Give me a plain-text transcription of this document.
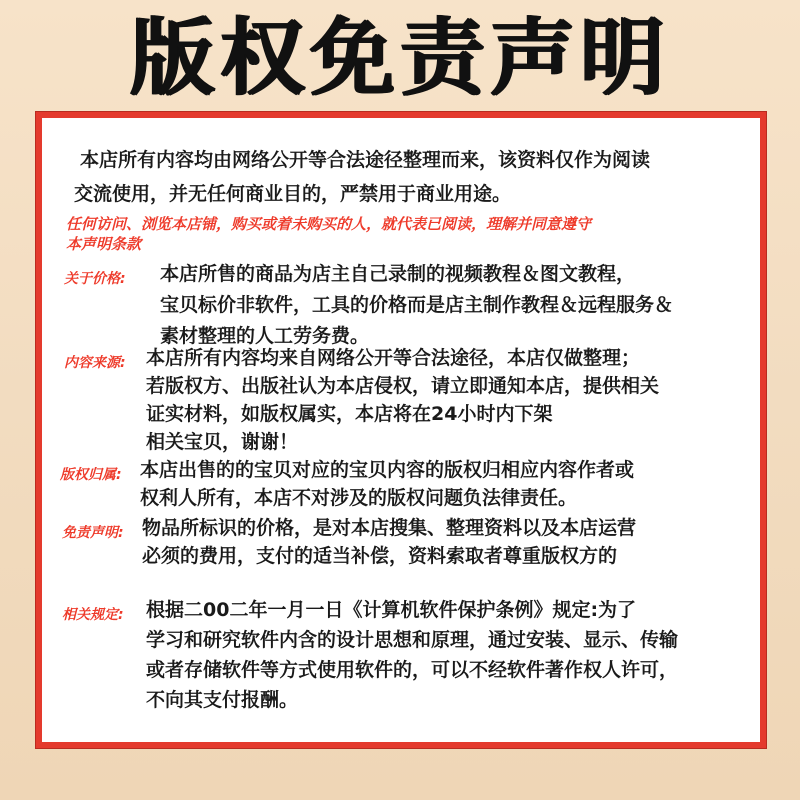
版权免责声明
本店所有内容均由网络公开等合法途径整理而来，该资料仅作为阅读
交流使用，并无任何商业目的，严禁用于商业用途。
任何访问、浏览本店铺，购买或着未购买的人，就代表已阅读，理解并同意遵守
本声明条款
关于价格: 本店所售的商品为店主自己录制的视频教程＆图文教程，
宝贝标价非软件，工具的价格而是店主制作教程＆远程服务＆
素材整理的人工劳务费。
内容来源: 本店所有内容均来自网络公开等合法途径，本店仅做整理；
若版权方、出版社认为本店侵权，请立即通知本店，提供相关
证实材料，如版权属实，本店将在24小时内下架
相关宝贝，谢谢！
版权归属: 本店出售的的宝贝对应的宝贝内容的版权归相应内容作者或
权利人所有，本店不对涉及的版权问题负法律责任。
免责声明: 物品所标识的价格，是对本店搜集、整理资料以及本店运营
必须的费用，支付的适当补偿，资料索取者尊重版权方的
相关规定: 根据二00二年一月一日《计算机软件保护条例》规定:为了
学习和研究软件内含的设计思想和原理，通过安装、显示、传输
或者存储软件等方式使用软件的，可以不经软件著作权人许可，
不向其支付报酬。
